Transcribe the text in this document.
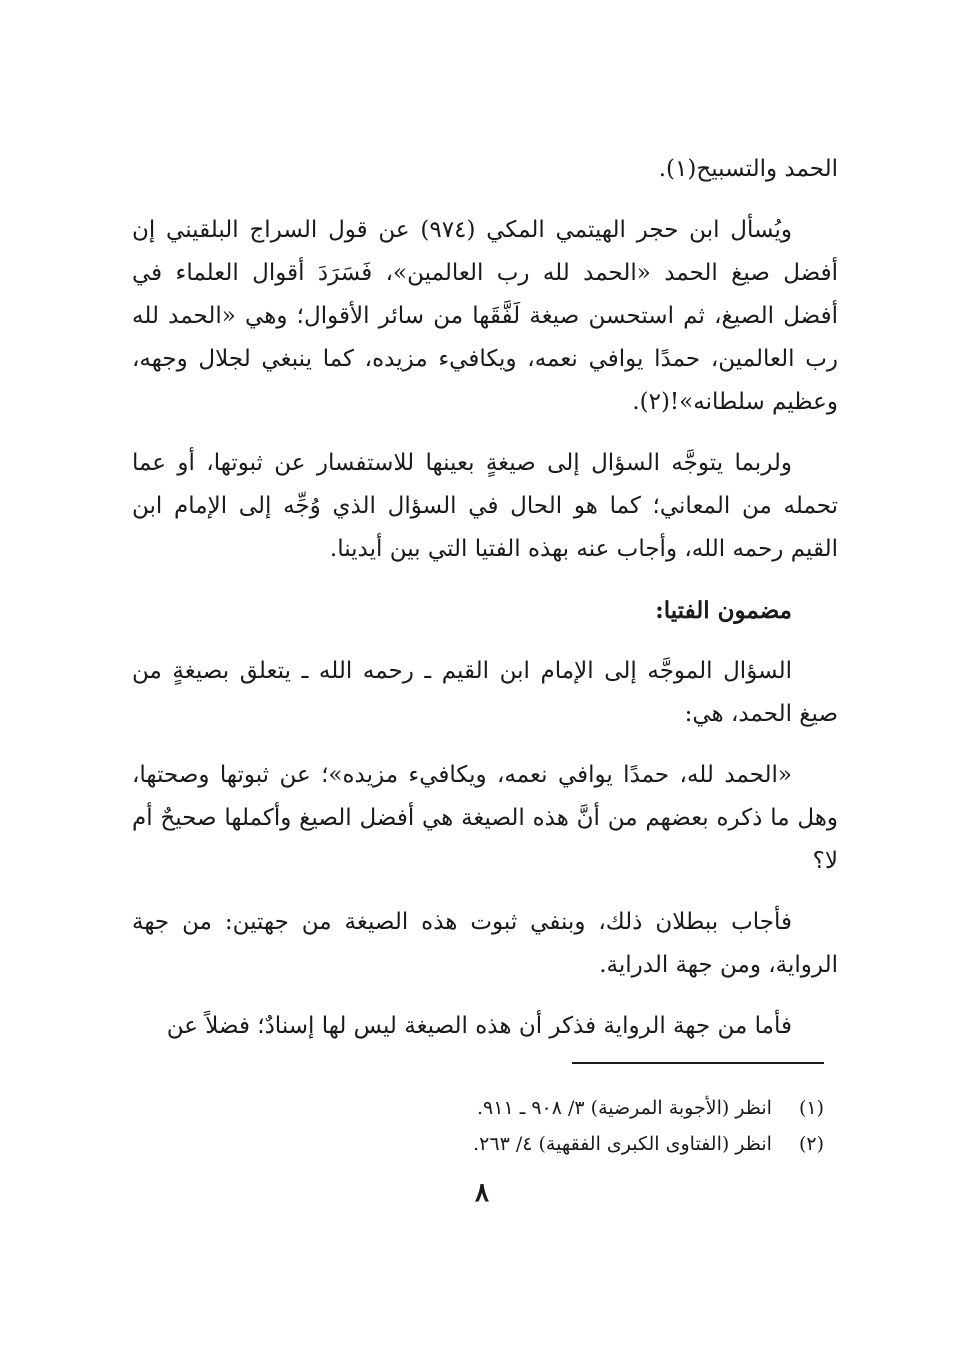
الحمد والتسبيح(١).

ويُسأل ابن حجر الهيتمي المكي (٩٧٤) عن قول السراج البلقيني إن أفضل صيغ الحمد «الحمد لله رب العالمين»، فَسَرَدَ أقوال العلماء في أفضل الصيغ، ثم استحسن صيغة لَفَّقَها من سائر الأقوال؛ وهي «الحمد لله رب العالمين، حمدًا يوافي نعمه، ويكافيء مزيده، كما ينبغي لجلال وجهه، وعظيم سلطانه»!(٢).

ولربما يتوجَّه السؤال إلى صيغةٍ بعينها للاستفسار عن ثبوتها، أو عما تحمله من المعاني؛ كما هو الحال في السؤال الذي وُجِّه إلى الإمام ابن القيم رحمه الله، وأجاب عنه بهذه الفتيا التي بين أيدينا.

مضمون الفتيا:

السؤال الموجَّه إلى الإمام ابن القيم ـ رحمه الله ـ يتعلق بصيغةٍ من صيغ الحمد، هي:

«الحمد لله، حمدًا يوافي نعمه، ويكافيء مزيده»؛ عن ثبوتها وصحتها، وهل ما ذكره بعضهم من أنَّ هذه الصيغة هي أفضل الصيغ وأكملها صحيحٌ أم لا؟

فأجاب ببطلان ذلك، وبنفي ثبوت هذه الصيغة من جهتين: من جهة الرواية، ومن جهة الدراية.

فأما من جهة الرواية فذكر أن هذه الصيغة ليس لها إسنادٌ؛ فضلاً عن

(١) انظر (الأجوبة المرضية) ٣/ ٩٠٨ ـ ٩١١.

(٢) انظر (الفتاوى الكبرى الفقهية) ٤/ ٢٦٣.

٨
